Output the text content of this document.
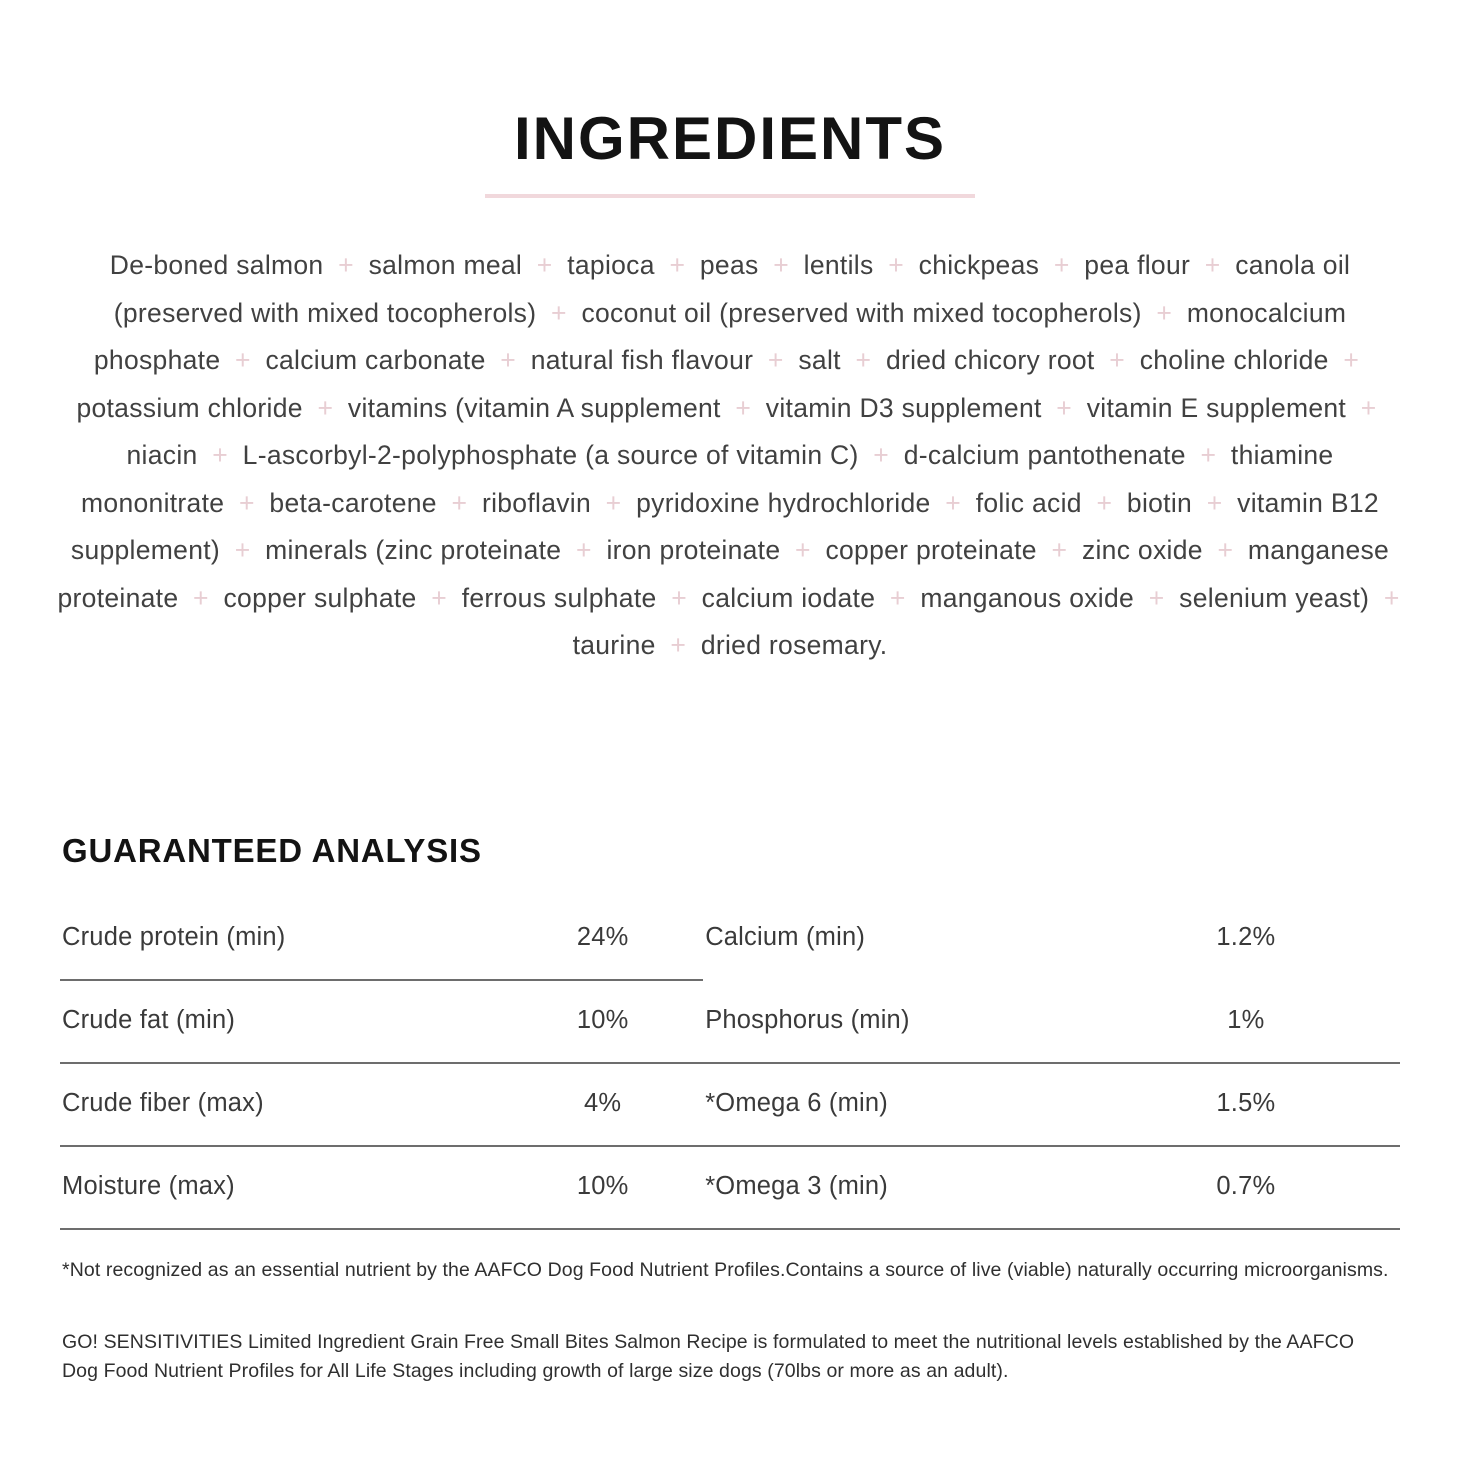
INGREDIENTS

De-boned salmon + salmon meal + tapioca + peas + lentils + chickpeas + pea flour + canola oil (preserved with mixed tocopherols) + coconut oil (preserved with mixed tocopherols) + monocalcium phosphate + calcium carbonate + natural fish flavour + salt + dried chicory root + choline chloride + potassium chloride + vitamins (vitamin A supplement + vitamin D3 supplement + vitamin E supplement + niacin + L-ascorbyl-2-polyphosphate (a source of vitamin C) + d-calcium pantothenate + thiamine mononitrate + beta-carotene + riboflavin + pyridoxine hydrochloride + folic acid + biotin + vitamin B12 supplement) + minerals (zinc proteinate + iron proteinate + copper proteinate + zinc oxide + manganese proteinate + copper sulphate + ferrous sulphate + calcium iodate + manganous oxide + selenium yeast) + taurine + dried rosemary.

GUARANTEED ANALYSIS
Crude protein (min)	24%	Calcium (min)	1.2%
Crude fat (min)	10%	Phosphorus (min)	1%
Crude fiber (max)	4%	*Omega 6 (min)	1.5%
Moisture (max)	10%	*Omega 3 (min)	0.7%

*Not recognized as an essential nutrient by the AAFCO Dog Food Nutrient Profiles.Contains a source of live (viable) naturally occurring microorganisms.

GO! SENSITIVITIES Limited Ingredient Grain Free Small Bites Salmon Recipe is formulated to meet the nutritional levels established by the AAFCO Dog Food Nutrient Profiles for All Life Stages including growth of large size dogs (70lbs or more as an adult).
